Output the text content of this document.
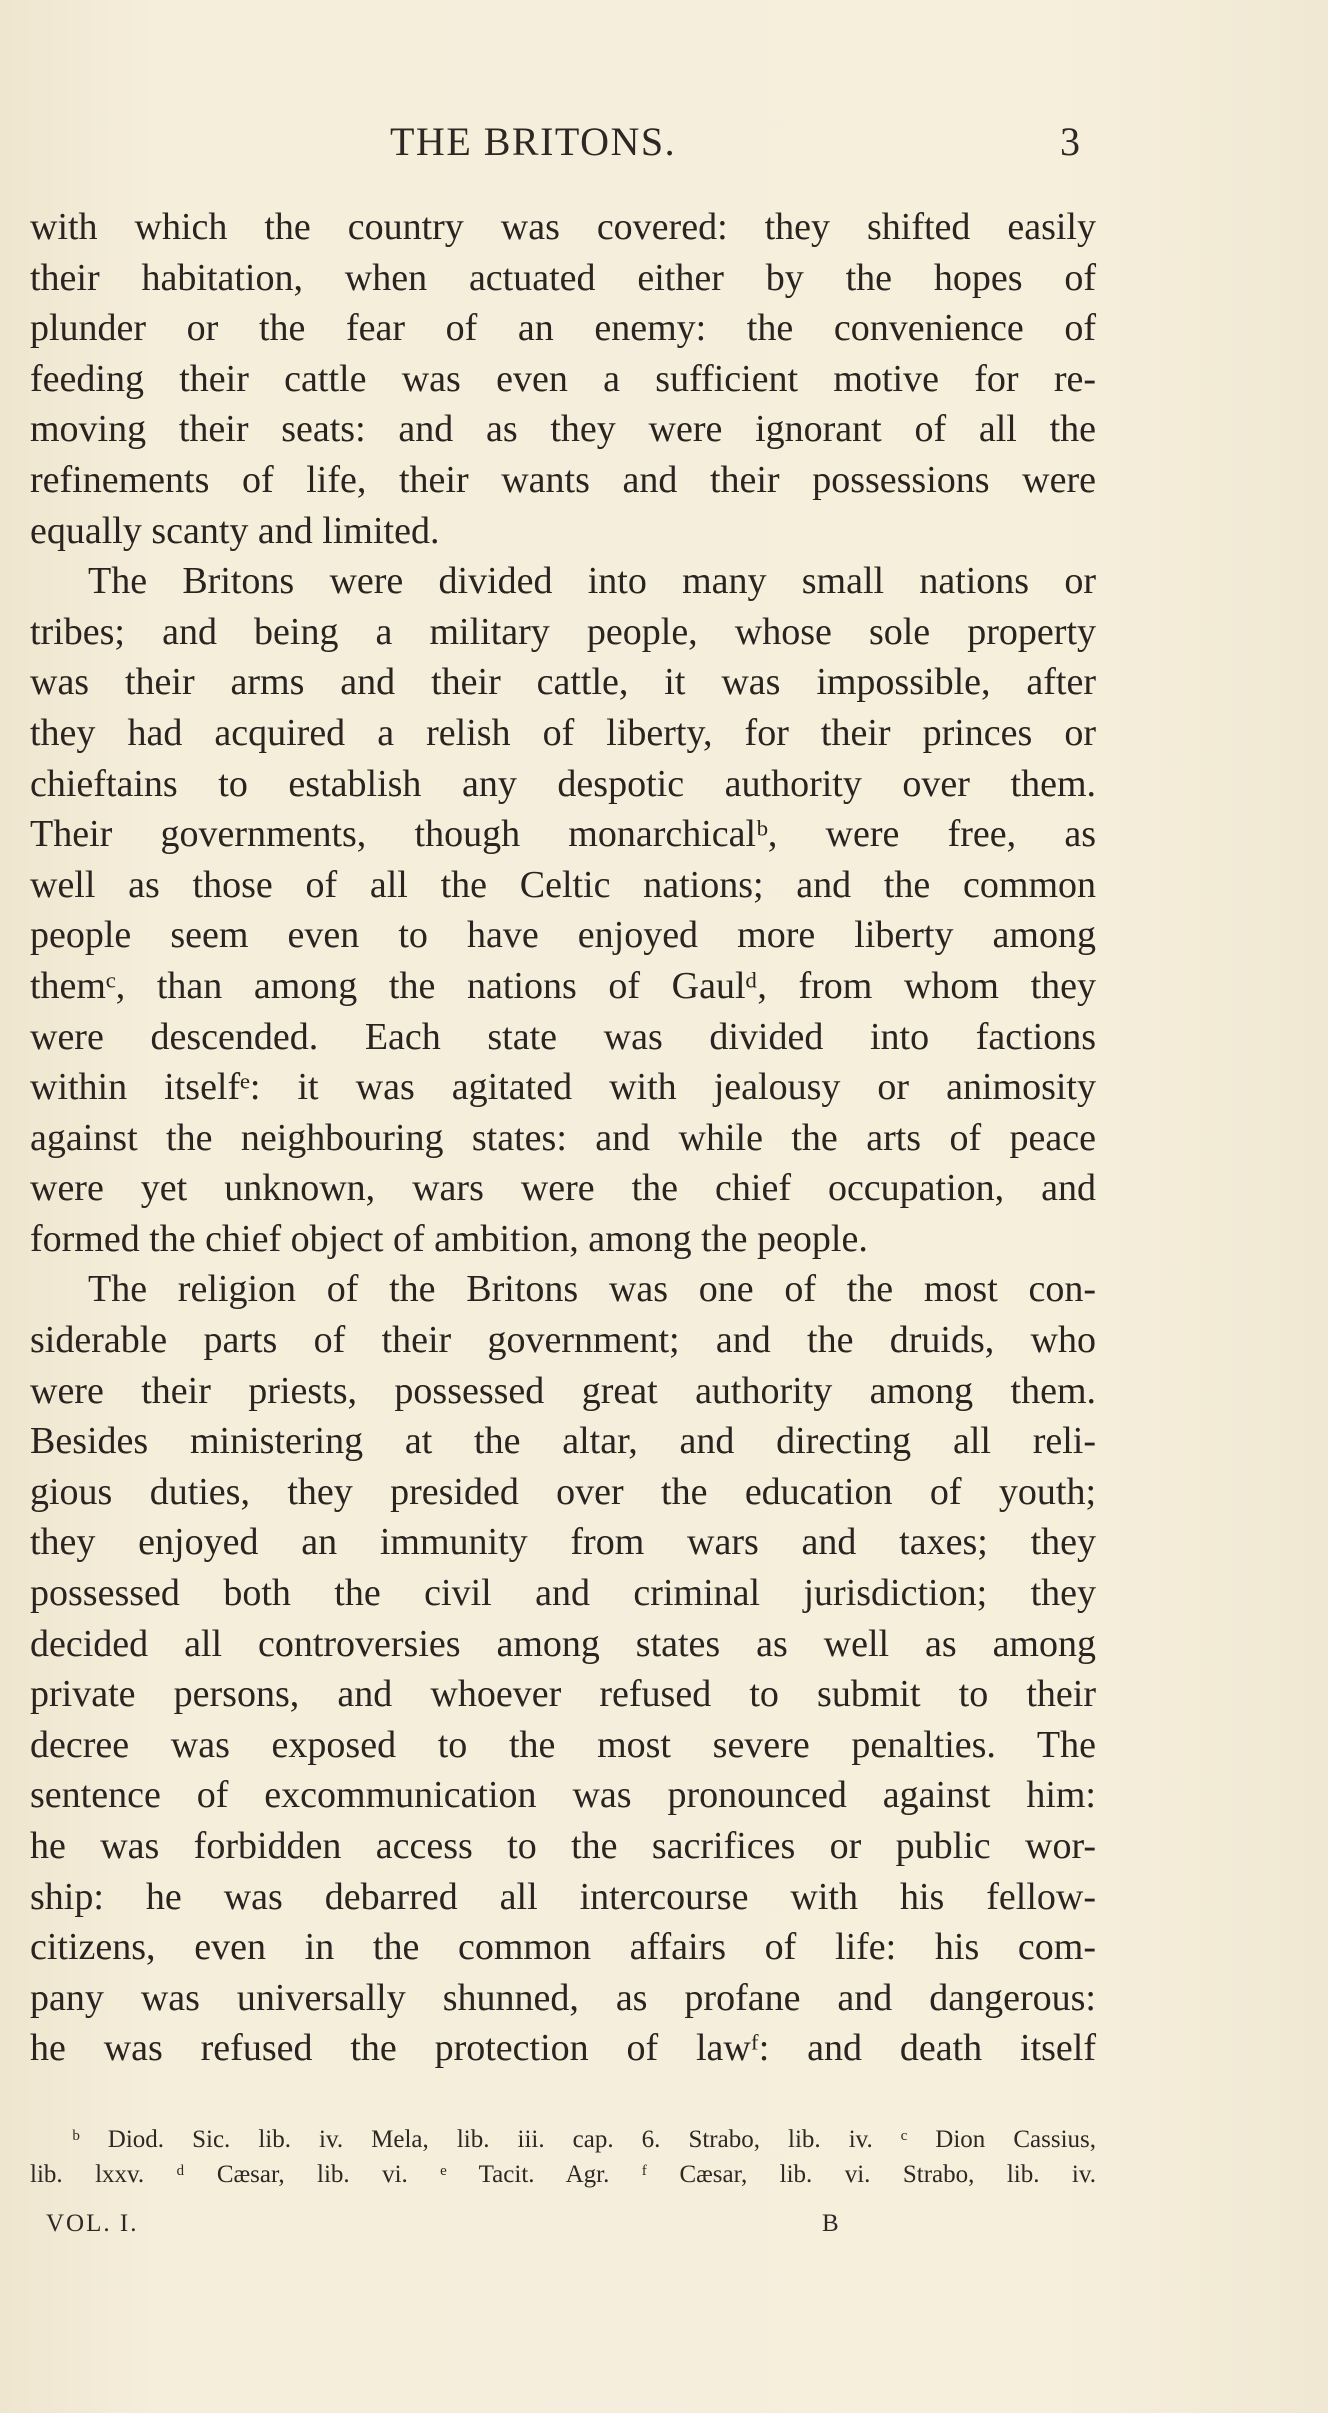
THE BRITONS.	3
with which the country was covered: they shifted easily
their habitation, when actuated either by the hopes of
plunder or the fear of an enemy: the convenience of
feeding their cattle was even a sufficient motive for re-
moving their seats: and as they were ignorant of all the
refinements of life, their wants and their possessions were
equally scanty and limited.
The Britons were divided into many small nations or
tribes; and being a military people, whose sole property
was their arms and their cattle, it was impossible, after
they had acquired a relish of liberty, for their princes or
chieftains to establish any despotic authority over them.
Their governments, though monarchicalᵇ, were free, as
well as those of all the Celtic nations; and the common
people seem even to have enjoyed more liberty among
themᶜ, than among the nations of Gaulᵈ, from whom they
were descended. Each state was divided into factions
within itselfᵉ: it was agitated with jealousy or animosity
against the neighbouring states: and while the arts of peace
were yet unknown, wars were the chief occupation, and
formed the chief object of ambition, among the people.
The religion of the Britons was one of the most con-
siderable parts of their government; and the druids, who
were their priests, possessed great authority among them.
Besides ministering at the altar, and directing all reli-
gious duties, they presided over the education of youth;
they enjoyed an immunity from wars and taxes; they
possessed both the civil and criminal jurisdiction; they
decided all controversies among states as well as among
private persons, and whoever refused to submit to their
decree was exposed to the most severe penalties. The
sentence of excommunication was pronounced against him:
he was forbidden access to the sacrifices or public wor-
ship: he was debarred all intercourse with his fellow-
citizens, even in the common affairs of life: his com-
pany was universally shunned, as profane and dangerous:
he was refused the protection of lawᶠ: and death itself
ᵇ Diod. Sic. lib. iv. Mela, lib. iii. cap. 6. Strabo, lib. iv. ᶜ Dion Cassius,
lib. lxxv. ᵈ Cæsar, lib. vi. ᵉ Tacit. Agr. ᶠ Cæsar, lib. vi. Strabo, lib. iv.
VOL. I.	B
